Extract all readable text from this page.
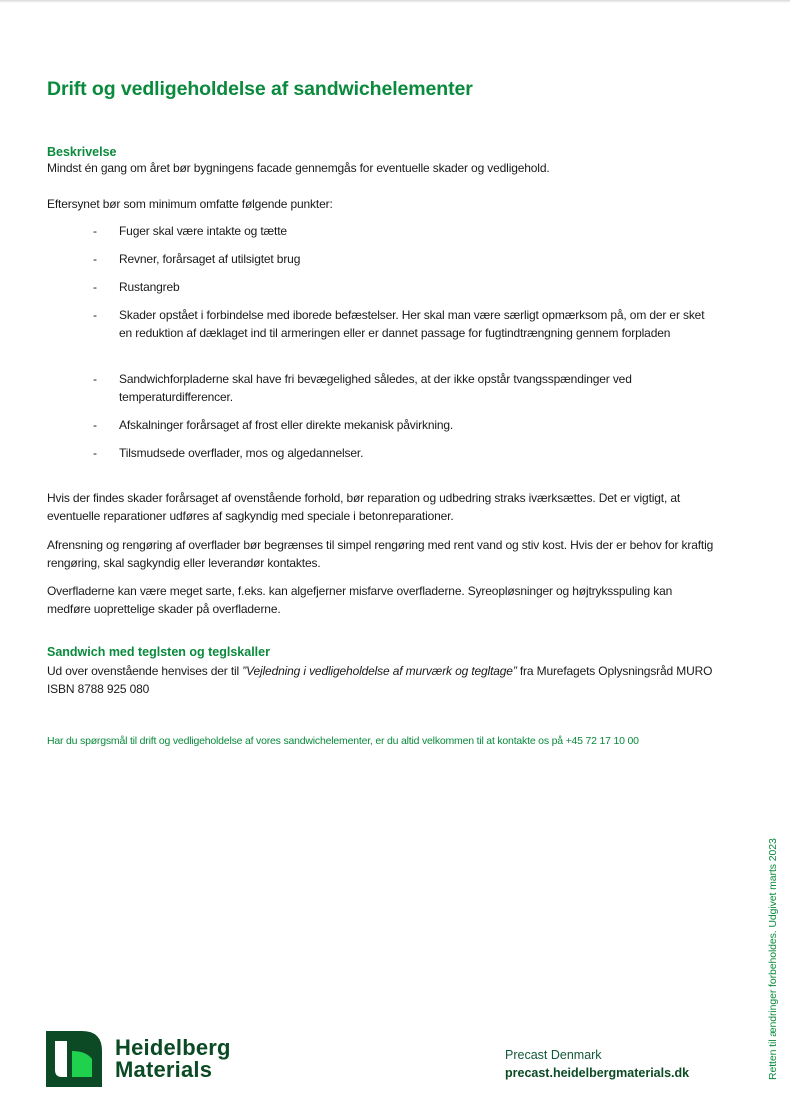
Drift og vedligeholdelse af sandwichelementer
Beskrivelse

Mindst én gang om året bør bygningens facade gennemgås for eventuelle skader og vedligehold.

Eftersynet bør som minimum omfatte følgende punkter:

- Fuger skal være intakte og tætte
- Revner, forårsaget af utilsigtet brug
- Rustangreb
- Skader opstået i forbindelse med iborede befæstelser. Her skal man være særligt opmærksom på, om der er sket en reduktion af dæklaget ind til armeringen eller er dannet passage for fugtindtrængning gennem forpladen
- Sandwichforpladerne skal have fri bevægelighed således, at der ikke opstår tvangsspændinger ved temperaturdifferencer.
- Afskalninger forårsaget af frost eller direkte mekanisk påvirkning.
- Tilsmudsede overflader, mos og algedannelser.

Hvis der findes skader forårsaget af ovenstående forhold, bør reparation og udbedring straks iværksættes. Det er vigtigt, at eventuelle reparationer udføres af sagkyndig med speciale i betonreparationer.

Afrensning og rengøring af overflader bør begrænses til simpel rengøring med rent vand og stiv kost. Hvis der er behov for kraftig rengøring, skal sagkyndig eller leverandør kontaktes.

Overfladerne kan være meget sarte, f.eks. kan algefjerner misfarve overfladerne. Syreopløsninger og højtryksspuling kan medføre uoprettelige skader på overfladerne.

Sandwich med teglsten og teglskaller

Ud over ovenstående henvises der til ”Vejledning i vedligeholdelse af murværk og tegltage” fra Murefagets Oplysningsråd MURO ISBN 8788 925 080

Har du spørgsmål til drift og vedligeholdelse af vores sandwichelementer, er du altid velkommen til at kontakte os på +45 72 17 10 00

Retten til ændringer forbeholdes. Udgivet marts 2023
Heidelberg
Materials
Precast Denmark
precast.heidelbergmaterials.dk
